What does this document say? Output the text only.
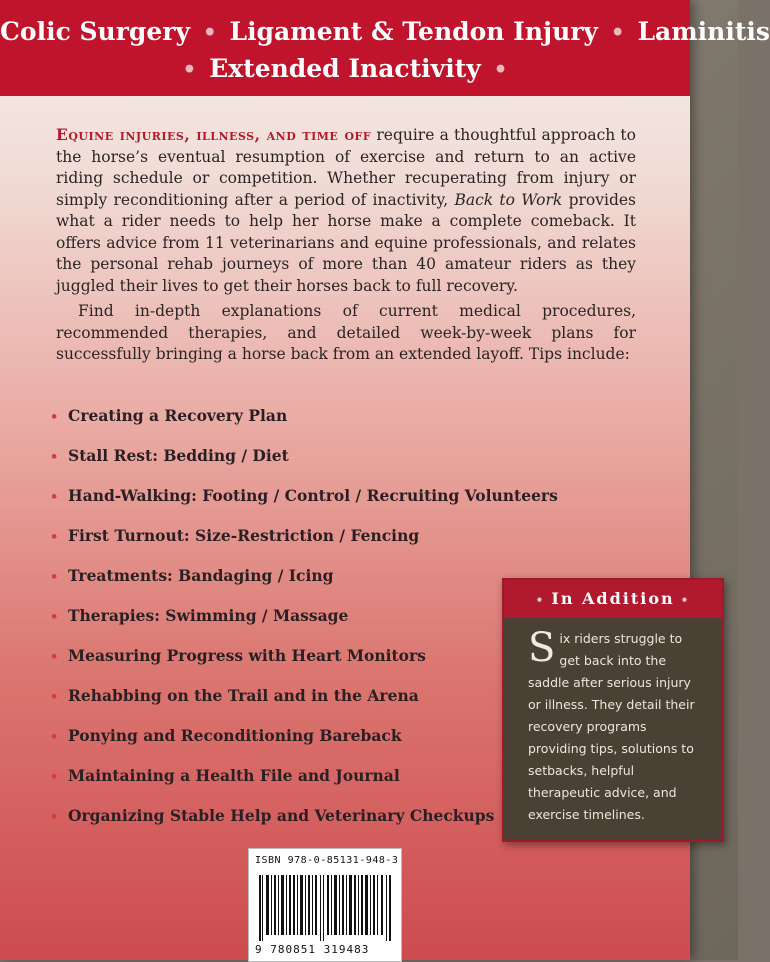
Colic Surgery • Ligament & Tendon Injury • Laminitis
• Extended Inactivity •

Equine injuries, illness, and time off require a thoughtful approach to the horse’s eventual resumption of exercise and return to an active riding schedule or competition. Whether recuperating from injury or simply reconditioning after a period of inactivity, Back to Work provides what a rider needs to help her horse make a complete comeback. It offers advice from 11 veterinarians and equine professionals, and relates the personal rehab journeys of more than 40 amateur riders as they juggled their lives to get their horses back to full recovery.

Find in-depth explanations of current medical procedures, recommended therapies, and detailed week-by-week plans for successfully bringing a horse back from an extended layoff. Tips include:

• Creating a Recovery Plan
• Stall Rest: Bedding / Diet
• Hand-Walking: Footing / Control / Recruiting Volunteers
• First Turnout: Size-Restriction / Fencing
• Treatments: Bandaging / Icing
• Therapies: Swimming / Massage
• Measuring Progress with Heart Monitors
• Rehabbing on the Trail and in the Arena
• Ponying and Reconditioning Bareback
• Maintaining a Health File and Journal
• Organizing Stable Help and Veterinary Checkups
ISBN 978-0-85131-948-3
9 780851 319483
• In Addition •
Six riders struggle to get back into the saddle after serious injury or illness. They detail their recovery programs providing tips, solutions to setbacks, helpful therapeutic advice, and exercise timelines.
